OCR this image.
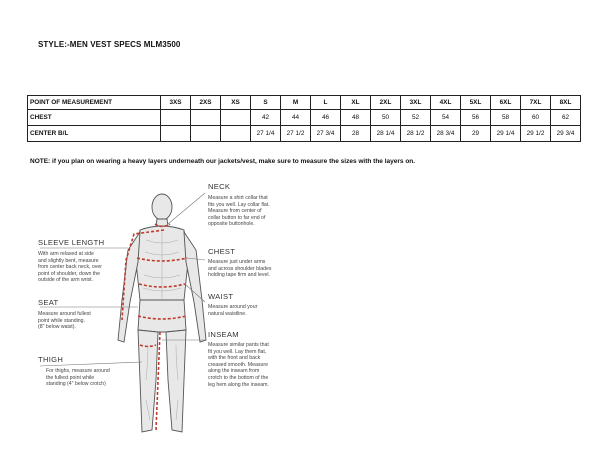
STYLE:-MEN VEST SPECS MLM3500
POINT OF MEASUREMENT	3XS	2XS	XS	S	M	L	XL	2XL	3XL	4XL	5XL	6XL	7XL	8XL
CHEST				42	44	46	48	50	52	54	56	58	60	62
CENTER B/L				27 1/4	27 1/2	27 3/4	28	28 1/4	28 1/2	28 3/4	29	29 1/4	29 1/2	29 3/4
NOTE: if you plan on wearing a heavy layers underneath our jackets/vest, make sure to measure the sizes with the layers on.
NECK
Measure a shirt collar that
fits you well. Lay collar flat.
Measure from center of
collar button to far end of
opposite buttonhole.
CHEST
Measure just under arms
and across shoulder blades
holding tape firm and level.
WAIST
Measure around your
natural waistline.
INSEAM
Measure similar pants that
fit you well. Lay them flat,
with the front and back
creased smooth. Measure
along the inseam from
crotch to the bottom of the
leg hem along the inseam.
SLEEVE LENGTH
With arm relaxed at side
and slightly bent, measure
from center back neck, over
point of shoulder, down the
outside of the arm wrist.
SEAT
Measure around fullest
point while standing.
(8" below waist).
THIGH
For thighs, measure around
the fullest point while
standing (4" below crotch)
